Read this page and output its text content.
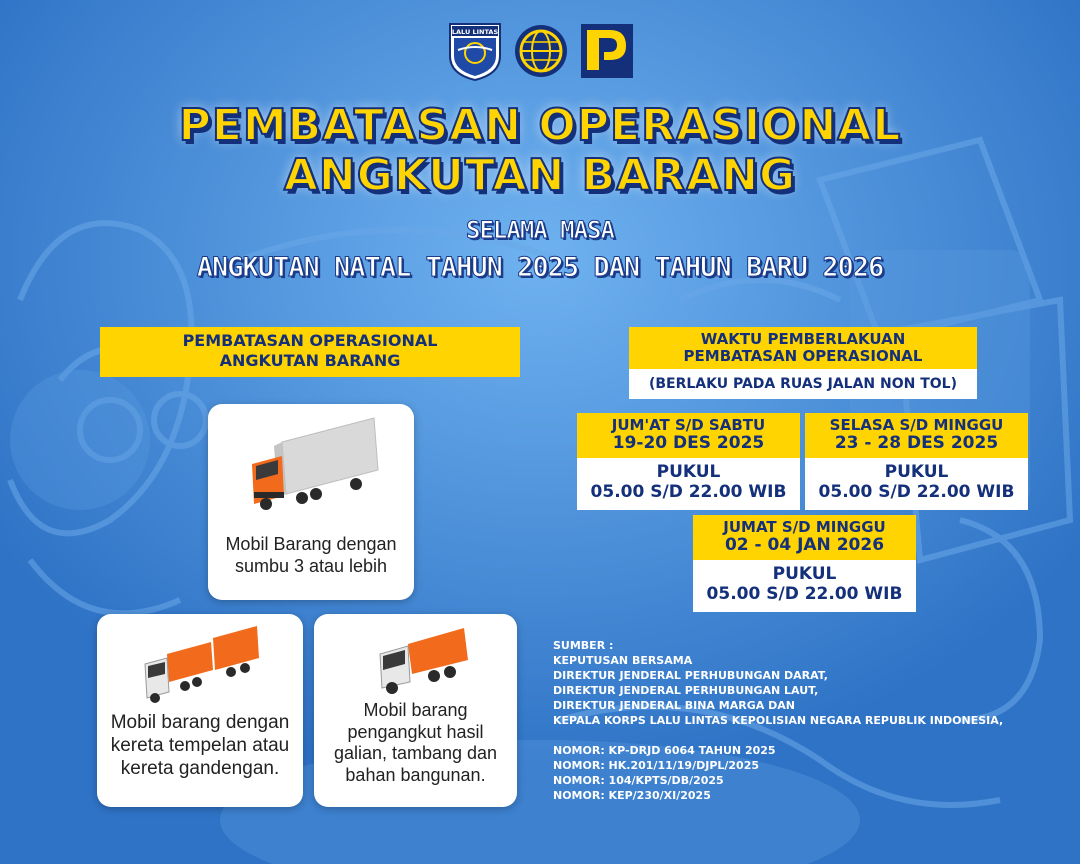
LALU LINTAS
PEMBATASAN OPERASIONAL
ANGKUTAN BARANG
SELAMA MASA
ANGKUTAN NATAL TAHUN 2025 DAN TAHUN BARU 2026
PEMBATASAN OPERASIONAL
ANGKUTAN BARANG
Mobil Barang dengan
sumbu 3 atau lebih
Mobil barang dengan
kereta tempelan atau
kereta gandengan.
Mobil barang
pengangkut hasil
galian, tambang dan
bahan bangunan.
WAKTU PEMBERLAKUAN
PEMBATASAN OPERASIONAL
(BERLAKU PADA RUAS JALAN NON TOL)
JUM'AT S/D SABTU
19-20 DES 2025
PUKUL
05.00 S/D 22.00 WIB
SELASA S/D MINGGU
23 - 28 DES 2025
PUKUL
05.00 S/D 22.00 WIB
JUMAT S/D MINGGU
02 - 04 JAN 2026
PUKUL
05.00 S/D 22.00 WIB
SUMBER :
KEPUTUSAN BERSAMA
DIREKTUR JENDERAL PERHUBUNGAN DARAT,
DIREKTUR JENDERAL PERHUBUNGAN LAUT,
DIREKTUR JENDERAL BINA MARGA DAN
KEPALA KORPS LALU LINTAS KEPOLISIAN NEGARA REPUBLIK INDONESIA,
NOMOR: KP-DRJD 6064 TAHUN 2025
NOMOR: HK.201/11/19/DJPL/2025
NOMOR: 104/KPTS/DB/2025
NOMOR: KEP/230/XI/2025
